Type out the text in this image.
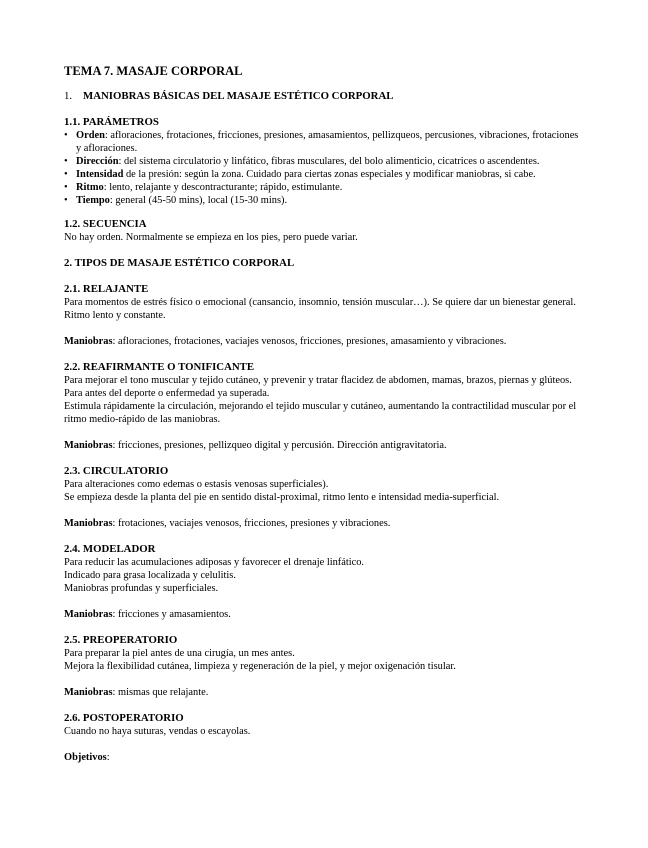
TEMA 7. MASAJE CORPORAL
1. MANIOBRAS BÁSICAS DEL MASAJE ESTÉTICO CORPORAL
1.1. PARÁMETROS
• Orden: afloraciones, frotaciones, fricciones, presiones, amasamientos, pellizqueos, percusiones, vibraciones, frotaciones y afloraciones.
• Dirección: del sistema circulatorio y linfático, fibras musculares, del bolo alimenticio, cicatrices o ascendentes.
• Intensidad de la presión: según la zona. Cuidado para ciertas zonas especiales y modificar maniobras, si cabe.
• Ritmo: lento, relajante y descontracturante; rápido, estimulante.
• Tiempo: general (45-50 mins), local (15-30 mins).
1.2. SECUENCIA

No hay orden. Normalmente se empieza en los pies, pero puede variar.

2. TIPOS DE MASAJE ESTÉTICO CORPORAL
2.1. RELAJANTE

Para momentos de estrés físico o emocional (cansancio, insomnio, tensión muscular…). Se quiere dar un bienestar general. Ritmo lento y constante.

Maniobras: afloraciones, frotaciones, vaciajes venosos, fricciones, presiones, amasamiento y vibraciones.

2.2. REAFIRMANTE O TONIFICANTE

Para mejorar el tono muscular y tejido cutáneo, y prevenir y tratar flacidez de abdomen, mamas, brazos, piernas y glúteos.

Para antes del deporte o enfermedad ya superada.

Estimula rápidamente la circulación, mejorando el tejido muscular y cutáneo, aumentando la contractilidad muscular por el ritmo medio-rápido de las maniobras.

Maniobras: fricciones, presiones, pellizqueo digital y percusión. Dirección antigravitatoria.

2.3. CIRCULATORIO

Para alteraciones como edemas o estasis venosas superficiales).

Se empieza desde la planta del pie en sentido distal-proximal, ritmo lento e intensidad media-superficial.

Maniobras: frotaciones, vaciajes venosos, fricciones, presiones y vibraciones.

2.4. MODELADOR

Para reducir las acumulaciones adiposas y favorecer el drenaje linfático.

Indicado para grasa localizada y celulitis.

Maniobras profundas y superficiales.

Maniobras: fricciones y amasamientos.

2.5. PREOPERATORIO

Para preparar la piel antes de una cirugía, un mes antes.

Mejora la flexibilidad cutánea, limpieza y regeneración de la piel, y mejor oxigenación tisular.

Maniobras: mismas que relajante.

2.6. POSTOPERATORIO

Cuando no haya suturas, vendas o escayolas.

Objetivos:
